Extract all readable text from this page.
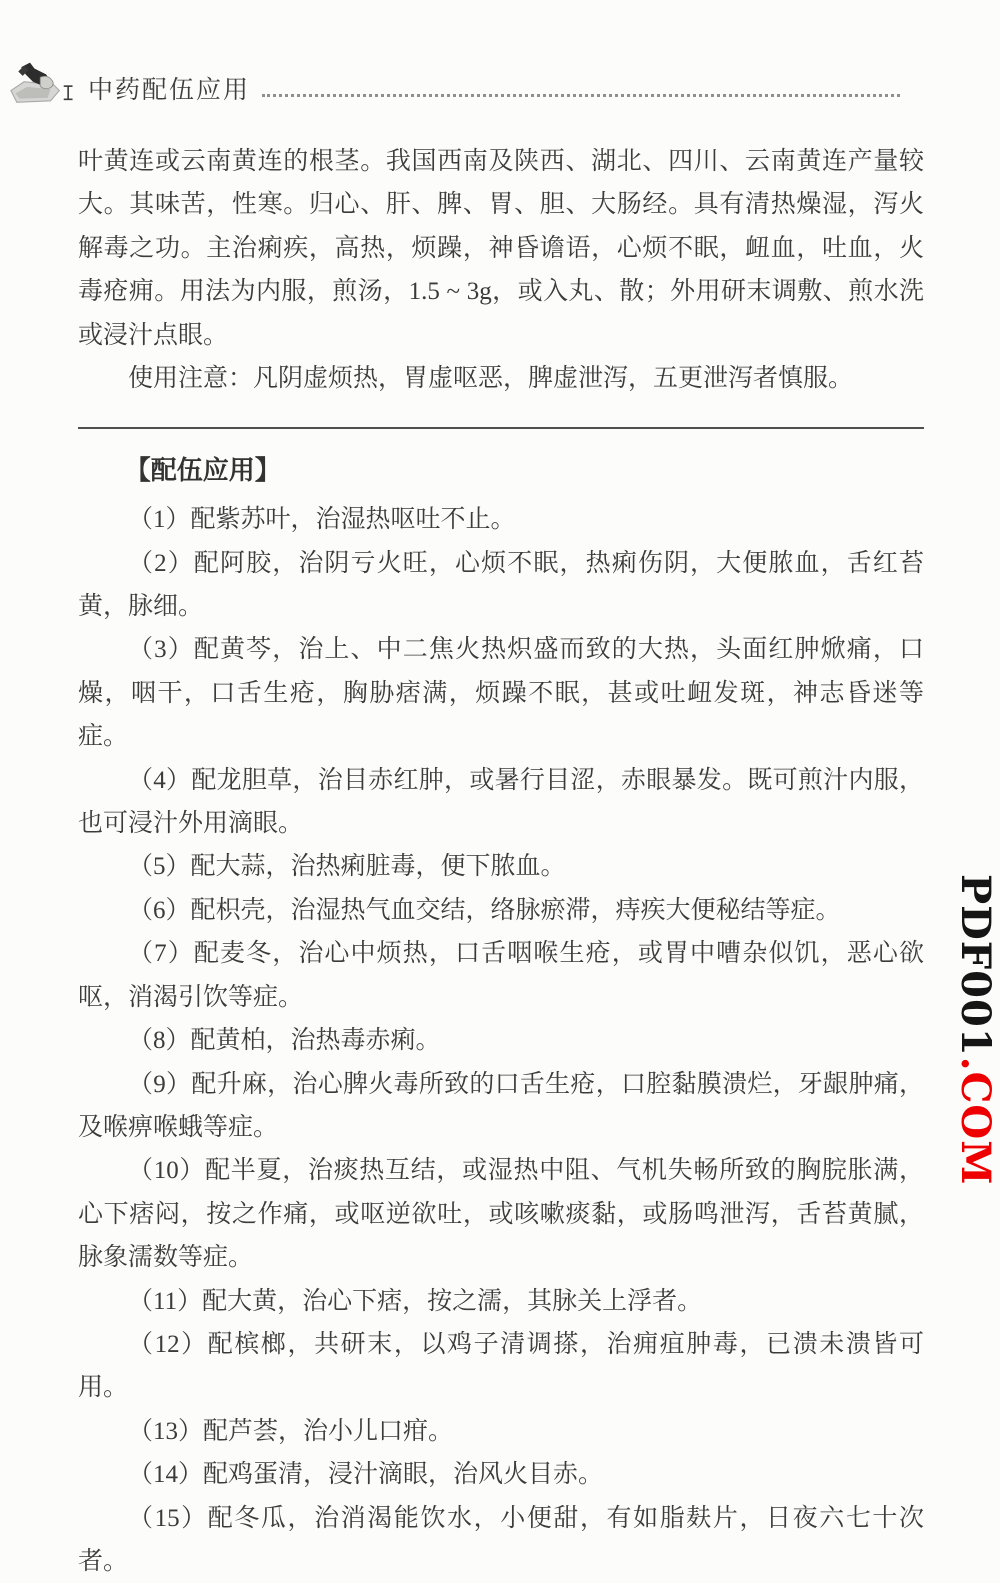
中药配伍应用

叶黄连或云南黄连的根茎。我国西南及陕西、湖北、四川、云南黄连产量较大。其味苦，性寒。归心、肝、脾、胃、胆、大肠经。具有清热燥湿，泻火解毒之功。主治痢疾，高热，烦躁，神昏谵语，心烦不眠，衄血，吐血，火毒疮痈。用法为内服，煎汤，1.5 ~ 3g，或入丸、散；外用研末调敷、煎水洗或浸汁点眼。

使用注意：凡阴虚烦热，胃虚呕恶，脾虚泄泻，五更泄泻者慎服。

【配伍应用】

（1）配紫苏叶，治湿热呕吐不止。

（2）配阿胶，治阴亏火旺，心烦不眠，热痢伤阴，大便脓血，舌红苔黄，脉细。

（3）配黄芩，治上、中二焦火热炽盛而致的大热，头面红肿焮痛，口燥，咽干，口舌生疮，胸胁痞满，烦躁不眠，甚或吐衄发斑，神志昏迷等症。

（4）配龙胆草，治目赤红肿，或暑行目涩，赤眼暴发。既可煎汁内服，也可浸汁外用滴眼。

（5）配大蒜，治热痢脏毒，便下脓血。

（6）配枳壳，治湿热气血交结，络脉瘀滞，痔疾大便秘结等症。

（7）配麦冬，治心中烦热，口舌咽喉生疮，或胃中嘈杂似饥，恶心欲呕，消渴引饮等症。

（8）配黄柏，治热毒赤痢。

（9）配升麻，治心脾火毒所致的口舌生疮，口腔黏膜溃烂，牙龈肿痛，及喉痹喉蛾等症。

（10）配半夏，治痰热互结，或湿热中阻、气机失畅所致的胸脘胀满，心下痞闷，按之作痛，或呕逆欲吐，或咳嗽痰黏，或肠鸣泄泻，舌苔黄腻，脉象濡数等症。

（11）配大黄，治心下痞，按之濡，其脉关上浮者。

（12）配槟榔，共研末，以鸡子清调搽，治痈疽肿毒，已溃未溃皆可用。

（13）配芦荟，治小儿口疳。

（14）配鸡蛋清，浸汁滴眼，治风火目赤。

（15）配冬瓜，治消渴能饮水，小便甜，有如脂麸片，日夜六七十次者。

PDF001.COM
